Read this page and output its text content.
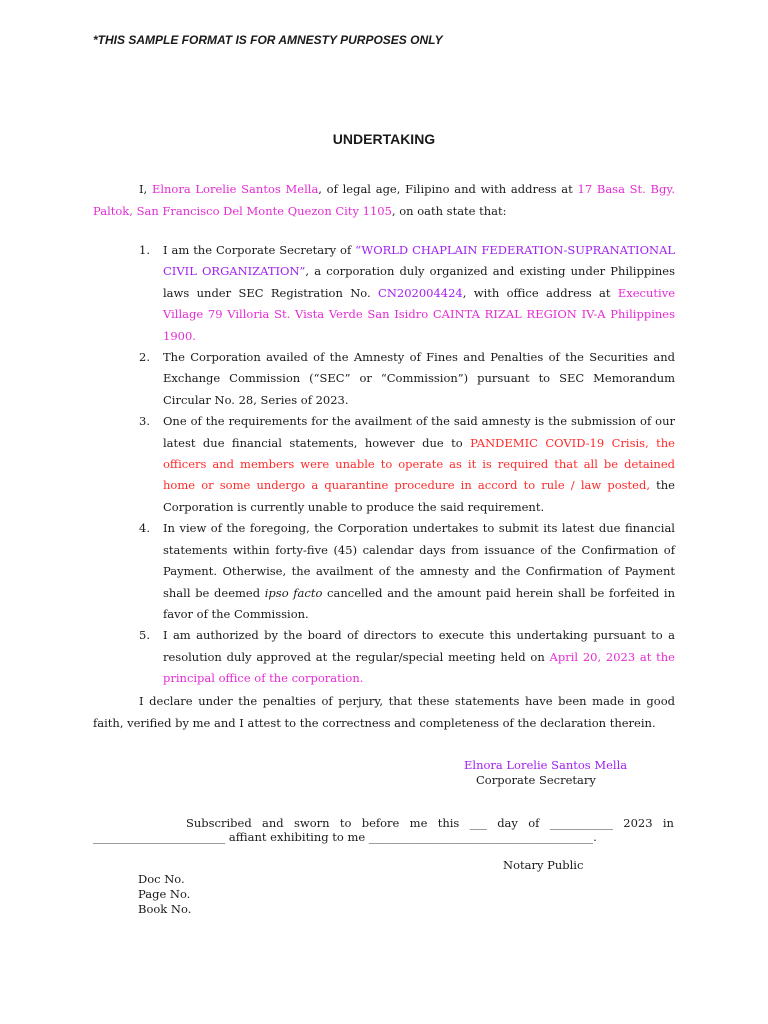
*THIS SAMPLE FORMAT IS FOR AMNESTY PURPOSES ONLY
UNDERTAKING

I, Elnora Lorelie Santos Mella, of legal age, Filipino and with address at 17 Basa St. Bgy. Paltok, San Francisco Del Monte Quezon City 1105, on oath state that:

1. I am the Corporate Secretary of “WORLD CHAPLAIN FEDERATION-SUPRANATIONAL CIVIL ORGANIZATION”, a corporation duly organized and existing under Philippines laws under SEC Registration No. CN202004424, with office address at Executive Village 79 Villoria St. Vista Verde San Isidro CAINTA RIZAL REGION IV-A Philippines 1900.
2. The Corporation availed of the Amnesty of Fines and Penalties of the Securities and Exchange Commission (“SEC” or “Commission”) pursuant to SEC Memorandum Circular No. 28, Series of 2023.
3. One of the requirements for the availment of the said amnesty is the submission of our latest due financial statements, however due to PANDEMIC COVID-19 Crisis, the officers and members were unable to operate as it is required that all be detained home or some undergo a quarantine procedure in accord to rule / law posted, the Corporation is currently unable to produce the said requirement.
4. In view of the foregoing, the Corporation undertakes to submit its latest due financial statements within forty-five (45) calendar days from issuance of the Confirmation of Payment. Otherwise, the availment of the amnesty and the Confirmation of Payment shall be deemed ipso facto cancelled and the amount paid herein shall be forfeited in favor of the Commission.
5. I am authorized by the board of directors to execute this undertaking pursuant to a resolution duly approved at the regular/special meeting held on April 20, 2023 at the principal office of the corporation.

I declare under the penalties of perjury, that these statements have been made in good faith, verified by me and I attest to the correctness and completeness of the declaration therein.

Elnora Lorelie Santos Mella
Corporate Secretary
Subscribed and sworn to before me this ___ day of ___________ 2023 in
_______________________ affiant exhibiting to me _______________________________________.
Notary Public
Doc No.
Page No.
Book No.
